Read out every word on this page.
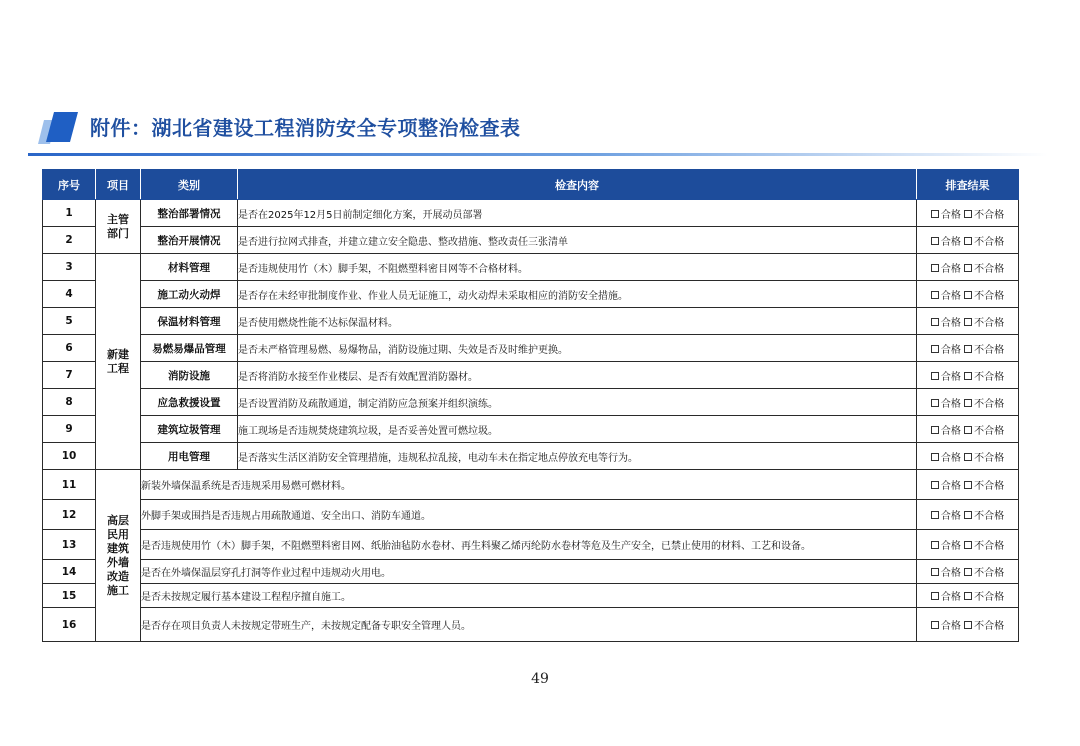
附件：湖北省建设工程消防安全专项整治检查表
序号	项目	类别	检查内容	排查结果
1	主管部门	整治部署情况	是否在2025年12月5日前制定细化方案，开展动员部署	合格 不合格
2		整治开展情况	是否进行拉网式排查，并建立建立安全隐患、整改措施、整改责任三张清单	合格 不合格
3	新建工程	材料管理	是否违规使用竹（木）脚手架，不阻燃塑料密目网等不合格材料。	合格 不合格
4		施工动火动焊	是否存在未经审批制度作业、作业人员无证施工，动火动焊未采取相应的消防安全措施。	合格 不合格
5		保温材料管理	是否使用燃烧性能不达标保温材料。	合格 不合格
6		易燃易爆品管理	是否未严格管理易燃、易爆物品，消防设施过期、失效是否及时维护更换。	合格 不合格
7		消防设施	是否将消防水接至作业楼层、是否有效配置消防器材。	合格 不合格
8		应急救援设置	是否设置消防及疏散通道，制定消防应急预案并组织演练。	合格 不合格
9		建筑垃圾管理	施工现场是否违规焚烧建筑垃圾，是否妥善处置可燃垃圾。	合格 不合格
10		用电管理	是否落实生活区消防安全管理措施，违规私拉乱接，电动车未在指定地点停放充电等行为。	合格 不合格
11	高层民用建筑外墙改造施工	新装外墙保温系统是否违规采用易燃可燃材料。		合格 不合格
12		外脚手架或围挡是否违规占用疏散通道、安全出口、消防车通道。		合格 不合格
13		是否违规使用竹（木）脚手架，不阻燃塑料密目网、纸胎油毡防水卷材、再生料聚乙烯丙纶防水卷材等危及生产安全，已禁止使用的材料、工艺和设备。		合格 不合格
14		是否在外墙保温层穿孔打洞等作业过程中违规动火用电。		合格 不合格
15		是否未按规定履行基本建设工程程序擅自施工。		合格 不合格
16		是否存在项目负责人未按规定带班生产，未按规定配备专职安全管理人员。		合格 不合格
49
